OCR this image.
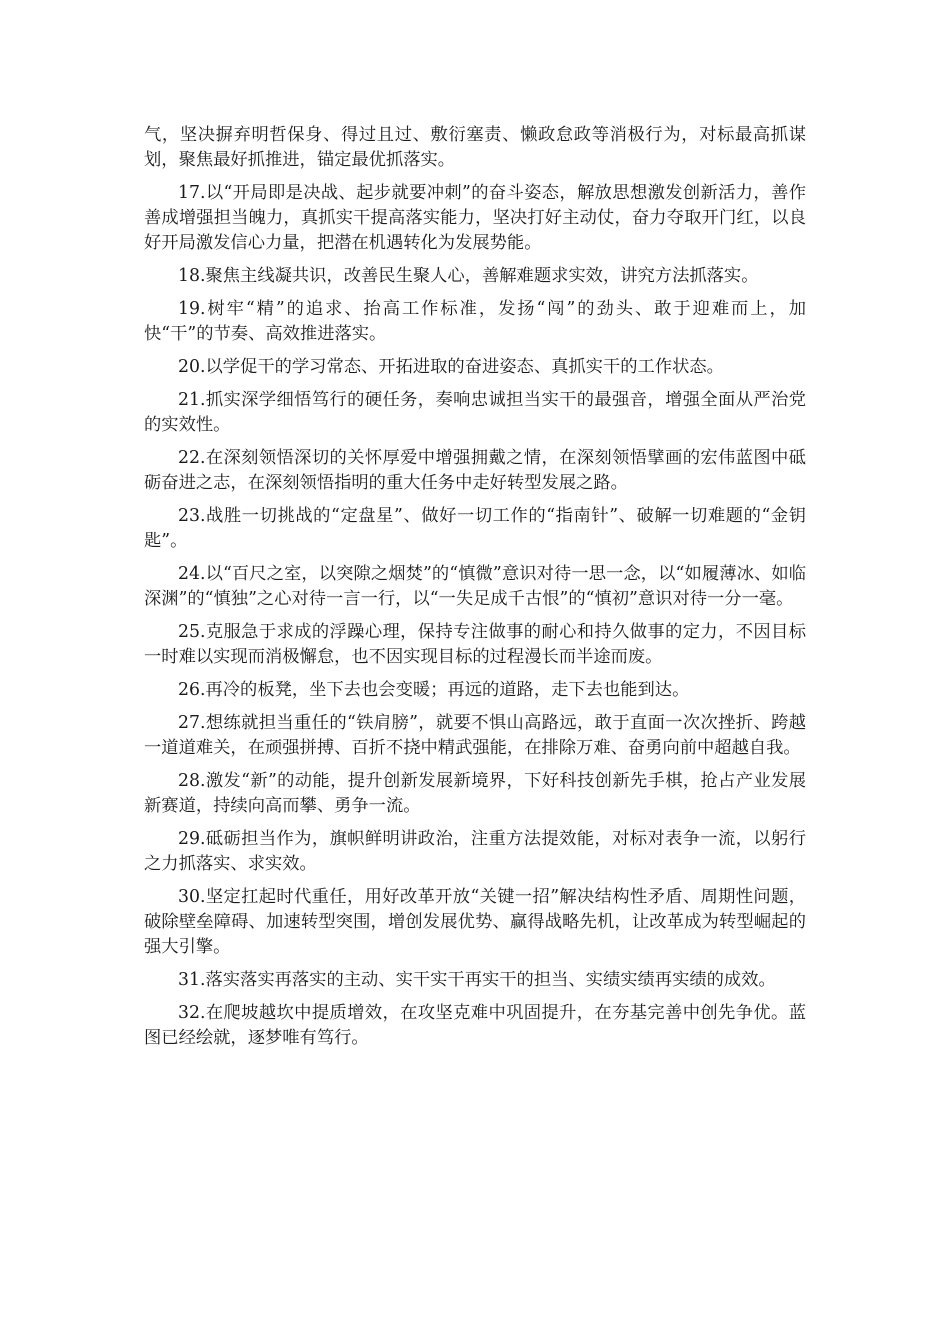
气，坚决摒弃明哲保身、得过且过、敷衍塞责、懒政怠政等消极行为，对标最高抓谋划，聚焦最好抓推进，锚定最优抓落实。

17.以“开局即是决战、起步就要冲刺”的奋斗姿态，解放思想激发创新活力，善作善成增强担当魄力，真抓实干提高落实能力，坚决打好主动仗，奋力夺取开门红，以良好开局激发信心力量，把潜在机遇转化为发展势能。

18.聚焦主线凝共识，改善民生聚人心，善解难题求实效，讲究方法抓落实。

19.树牢“精”的追求、抬高工作标准，发扬“闯”的劲头、敢于迎难而上，加快“干”的节奏、高效推进落实。

20.以学促干的学习常态、开拓进取的奋进姿态、真抓实干的工作状态。

21.抓实深学细悟笃行的硬任务，奏响忠诚担当实干的最强音，增强全面从严治党的实效性。

22.在深刻领悟深切的关怀厚爱中增强拥戴之情，在深刻领悟擘画的宏伟蓝图中砥砺奋进之志，在深刻领悟指明的重大任务中走好转型发展之路。

23.战胜一切挑战的“定盘星”、做好一切工作的“指南针”、破解一切难题的“金钥匙”。

24.以“百尺之室，以突隙之烟焚”的“慎微”意识对待一思一念，以“如履薄冰、如临深渊”的“慎独”之心对待一言一行，以“一失足成千古恨”的“慎初”意识对待一分一毫。

25.克服急于求成的浮躁心理，保持专注做事的耐心和持久做事的定力，不因目标一时难以实现而消极懈怠，也不因实现目标的过程漫长而半途而废。

26.再冷的板凳，坐下去也会变暖；再远的道路，走下去也能到达。

27.想练就担当重任的“铁肩膀”，就要不惧山高路远，敢于直面一次次挫折、跨越一道道难关，在顽强拼搏、百折不挠中精武强能，在排除万难、奋勇向前中超越自我。

28.激发“新”的动能，提升创新发展新境界，下好科技创新先手棋，抢占产业发展新赛道，持续向高而攀、勇争一流。

29.砥砺担当作为，旗帜鲜明讲政治，注重方法提效能，对标对表争一流，以躬行之力抓落实、求实效。

30.坚定扛起时代重任，用好改革开放“关键一招”解决结构性矛盾、周期性问题，破除壁垒障碍、加速转型突围，增创发展优势、赢得战略先机，让改革成为转型崛起的强大引擎。

31.落实落实再落实的主动、实干实干再实干的担当、实绩实绩再实绩的成效。

32.在爬坡越坎中提质增效，在攻坚克难中巩固提升，在夯基完善中创先争优。蓝图已经绘就，逐梦唯有笃行。
